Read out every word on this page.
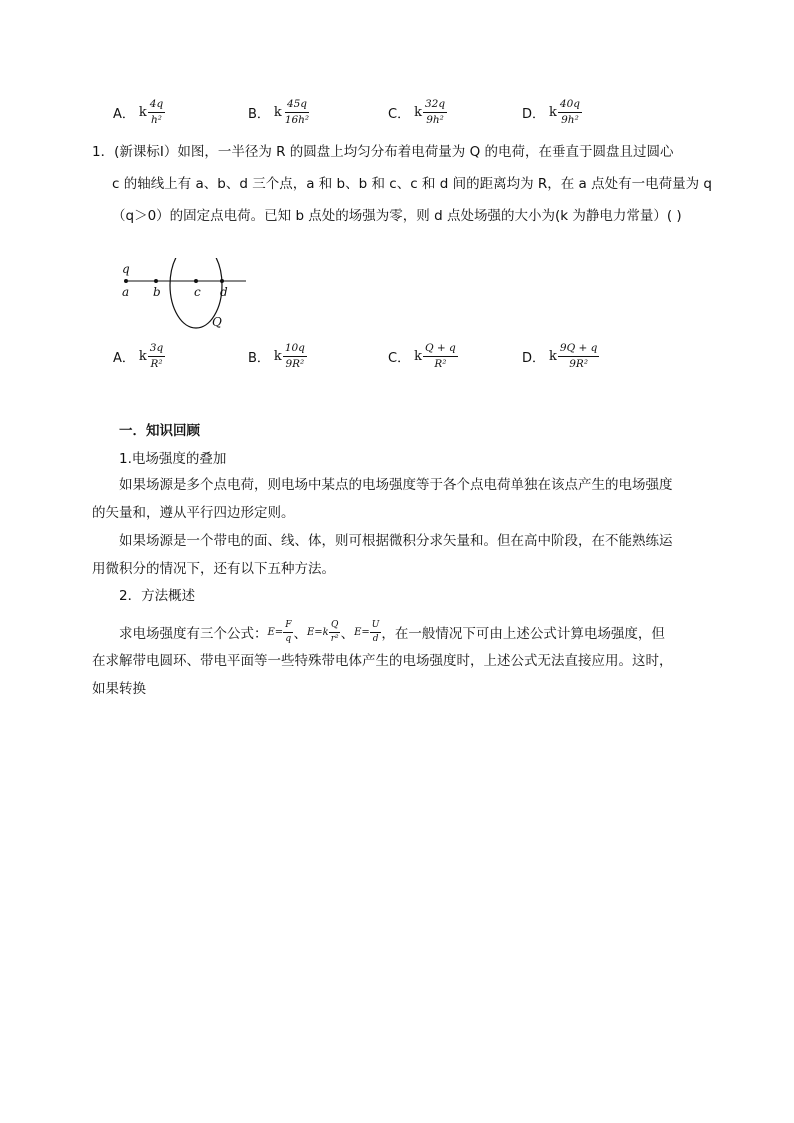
A． k $\frac{4q}{\text{h²}}$	B． k $\frac{45q}{\text{16h²}}$	C． k $\frac{32q}{\text{9h²}}$	D． k $\frac{40q}{\text{9h²}}$
1．(新课标Ⅰ）如图，一半径为 R 的圆盘上均匀分布着电荷量为 Q 的电荷，在垂直于圆盘且过圆心
c 的轴线上有 a、b、d 三个点，a 和 b、b 和 c、c 和 d 间的距离均为 R，在 a 点处有一电荷量为 q
（q＞0）的固定点电荷。已知 b 点处的场强为零，则 d 点处场强的大小为(k 为静电力常量）( )
q
a b	c d
Q
A． k $\frac{3q}{\text{R²}}$	B． k $\frac{10q}{\text{9R²}}$	C． k $\frac{Q + q}{\text{R²}}$	D． k $\frac{9Q + q}{\text{9R²}}$
一．知识回顾
1.电场强度的叠加
如果场源是多个点电荷，则电场中某点的电场强度等于各个点电荷单独在该点产生的电场强度
的矢量和，遵从平行四边形定则。
如果场源是一个带电的面、线、体，则可根据微积分求矢量和。但在高中阶段，在不能熟练运
用微积分的情况下，还有以下五种方法。
2．方法概述
求电场强度有三个公式： $E= \frac{F}{q}$ 、 $E=k \frac{Q}{\text{r²}}$ 、 $E= \frac{U}{d}$ ，在一般情况下可由上述公式计算电场强度，但
在求解带电圆环、带电平面等一些特殊带电体产生的电场强度时，上述公式无法直接应用。这时，
如果转换
